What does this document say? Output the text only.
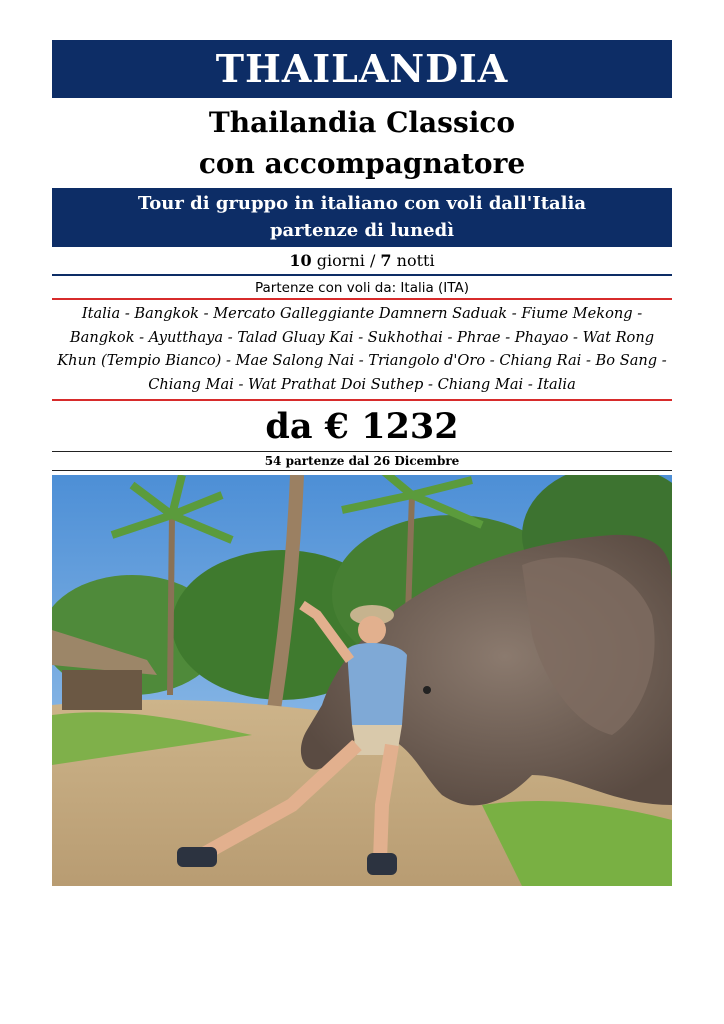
THAILANDIA
Thailandia Classico
con accompagnatore
Tour di gruppo in italiano con voli dall'Italia
partenze di lunedì
10 giorni / 7 notti
Partenze con voli da: Italia (ITA)
Italia - Bangkok - Mercato Galleggiante Damnern Saduak - Fiume Mekong - Bangkok - Ayutthaya - Talad Gluay Kai - Sukhothai - Phrae - Phayao - Wat Rong Khun (Tempio Bianco) - Mae Salong Nai - Triangolo d'Oro - Chiang Rai - Bo Sang - Chiang Mai - Wat Prathat Doi Suthep - Chiang Mai - Italia
da € 1232
54 partenze dal 26 Dicembre
